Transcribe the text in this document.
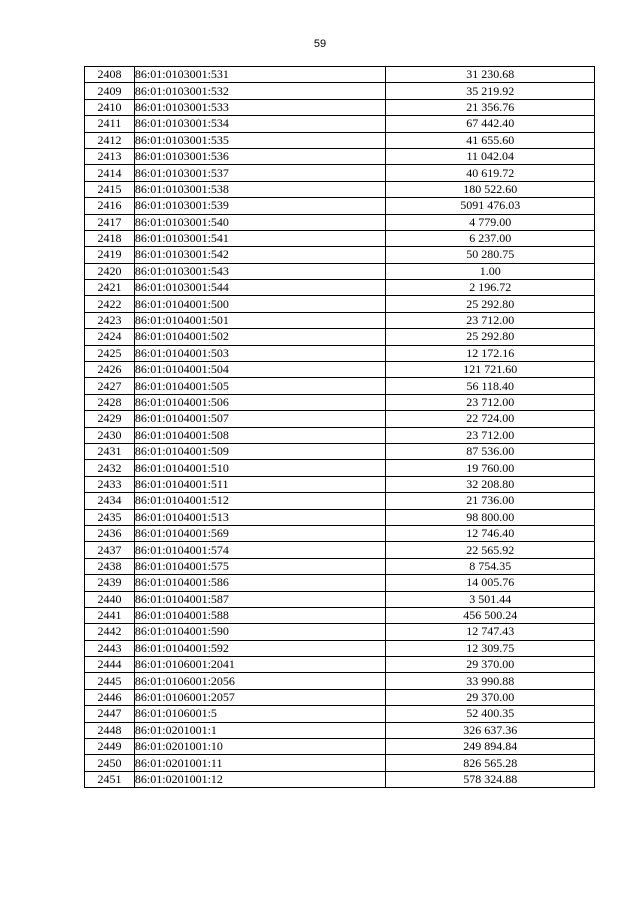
59
2408	86:01:0103001:531	31 230.68
2409	86:01:0103001:532	35 219.92
2410	86:01:0103001:533	21 356.76
2411	86:01:0103001:534	67 442.40
2412	86:01:0103001:535	41 655.60
2413	86:01:0103001:536	11 042.04
2414	86:01:0103001:537	40 619.72
2415	86:01:0103001:538	180 522.60
2416	86:01:0103001:539	5091 476.03
2417	86:01:0103001:540	4 779.00
2418	86:01:0103001:541	6 237.00
2419	86:01:0103001:542	50 280.75
2420	86:01:0103001:543	1.00
2421	86:01:0103001:544	2 196.72
2422	86:01:0104001:500	25 292.80
2423	86:01:0104001:501	23 712.00
2424	86:01:0104001:502	25 292.80
2425	86:01:0104001:503	12 172.16
2426	86:01:0104001:504	121 721.60
2427	86:01:0104001:505	56 118.40
2428	86:01:0104001:506	23 712.00
2429	86:01:0104001:507	22 724.00
2430	86:01:0104001:508	23 712.00
2431	86:01:0104001:509	87 536.00
2432	86:01:0104001:510	19 760.00
2433	86:01:0104001:511	32 208.80
2434	86:01:0104001:512	21 736.00
2435	86:01:0104001:513	98 800.00
2436	86:01:0104001:569	12 746.40
2437	86:01:0104001:574	22 565.92
2438	86:01:0104001:575	8 754.35
2439	86:01:0104001:586	14 005.76
2440	86:01:0104001:587	3 501.44
2441	86:01:0104001:588	456 500.24
2442	86:01:0104001:590	12 747.43
2443	86:01:0104001:592	12 309.75
2444	86:01:0106001:2041	29 370.00
2445	86:01:0106001:2056	33 990.88
2446	86:01:0106001:2057	29 370.00
2447	86:01:0106001:5	52 400.35
2448	86:01:0201001:1	326 637.36
2449	86:01:0201001:10	249 894.84
2450	86:01:0201001:11	826 565.28
2451	86:01:0201001:12	578 324.88
